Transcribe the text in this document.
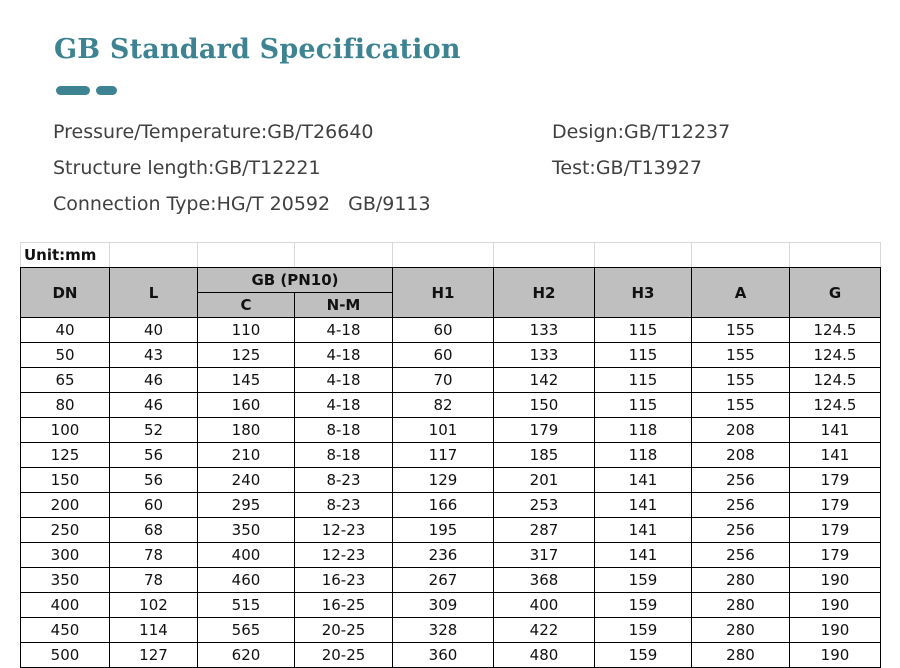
GB Standard Specification
Pressure/Temperature:GB/T26640	Design:GB/T12237
Structure length:GB/T12221	Test:GB/T13927
Connection Type:HG/T 20592 GB/9113
Unit:mm								
DN	L	GB (PN10)		H1	H2	H3	A	G
		C	N-M					
40	40	110	4-18	60	133	115	155	124.5
50	43	125	4-18	60	133	115	155	124.5
65	46	145	4-18	70	142	115	155	124.5
80	46	160	4-18	82	150	115	155	124.5
100	52	180	8-18	101	179	118	208	141
125	56	210	8-18	117	185	118	208	141
150	56	240	8-23	129	201	141	256	179
200	60	295	8-23	166	253	141	256	179
250	68	350	12-23	195	287	141	256	179
300	78	400	12-23	236	317	141	256	179
350	78	460	16-23	267	368	159	280	190
400	102	515	16-25	309	400	159	280	190
450	114	565	20-25	328	422	159	280	190
500	127	620	20-25	360	480	159	280	190
